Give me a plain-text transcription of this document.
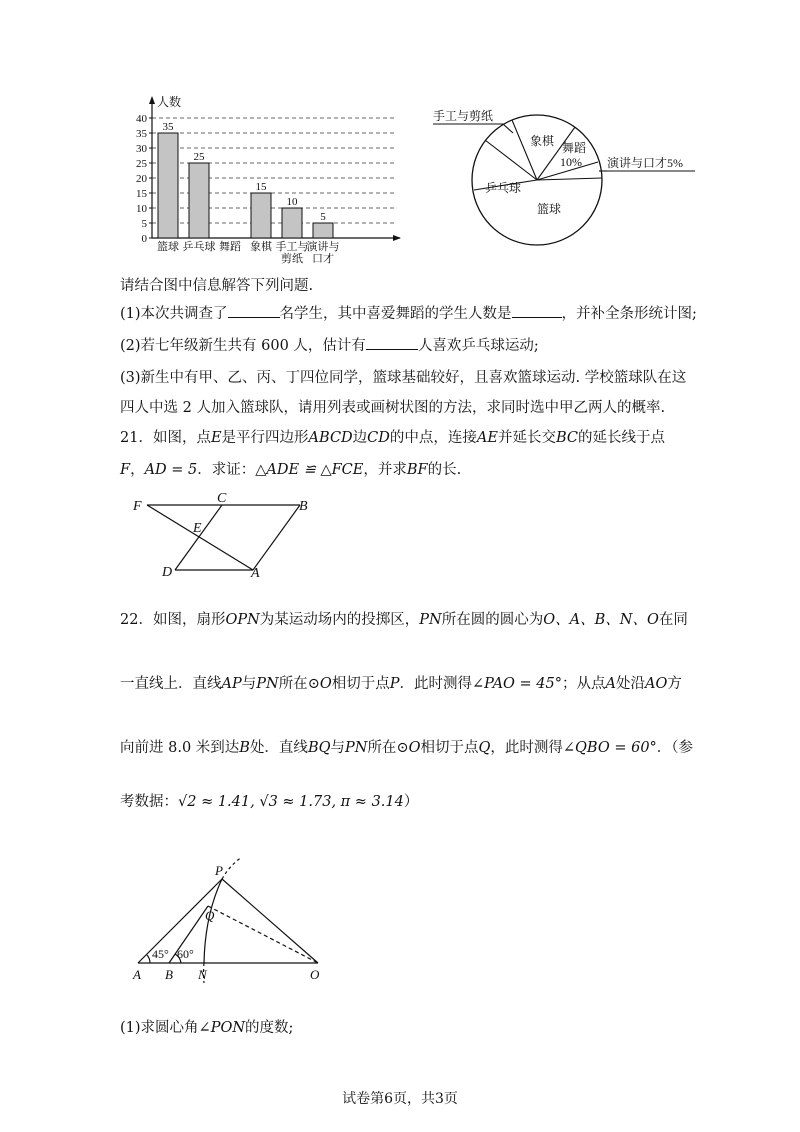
0
5
10
15
20
25
30
35
40
人数
35
篮球
25
乒乓球 舞蹈
15
象棋
10
手工与
剪纸
5
演讲与
口才
手工与剪纸
象棋 舞蹈
10% 演讲与口才5%
乒乓球
篮球
请结合图中信息解答下列问题.
(1)本次共调查了	名学生，其中喜爱舞蹈的学生人数是	，并补全条形统计图;
(2)若七年级新生共有 600 人，估计有	人喜欢乒乓球运动;
(3)新生中有甲、乙、丙、丁四位同学，篮球基础较好，且喜欢篮球运动. 学校篮球队在这
四人中选 2 人加入篮球队，请用列表或画树状图的方法，求同时选中甲乙两人的概率.
21．如图，点E是平行四边形ABCD边CD的中点，连接AE并延长交BC的延长线于点
F，AD = 5．求证：△ADE ≌ △FCE，并求BF的长.
F
C
B
E
D	A
22．如图，扇形OPN为某运动场内的投掷区，PN所在圆的圆心为O、A、B、N、O在同
一直线上．直线AP与PN所在⊙O相切于点P．此时测得∠PAO = 45°；从点A处沿AO方
向前进 8.0 米到达B处．直线BQ与PN所在⊙O相切于点Q，此时测得∠QBO = 60°．（参
考数据：√2 ≈ 1.41, √3 ≈ 1.73, π ≈ 3.14）
P
Q
A B N	O
45° 60°
(1)求圆心角∠PON的度数;
试卷第6页，共3页
